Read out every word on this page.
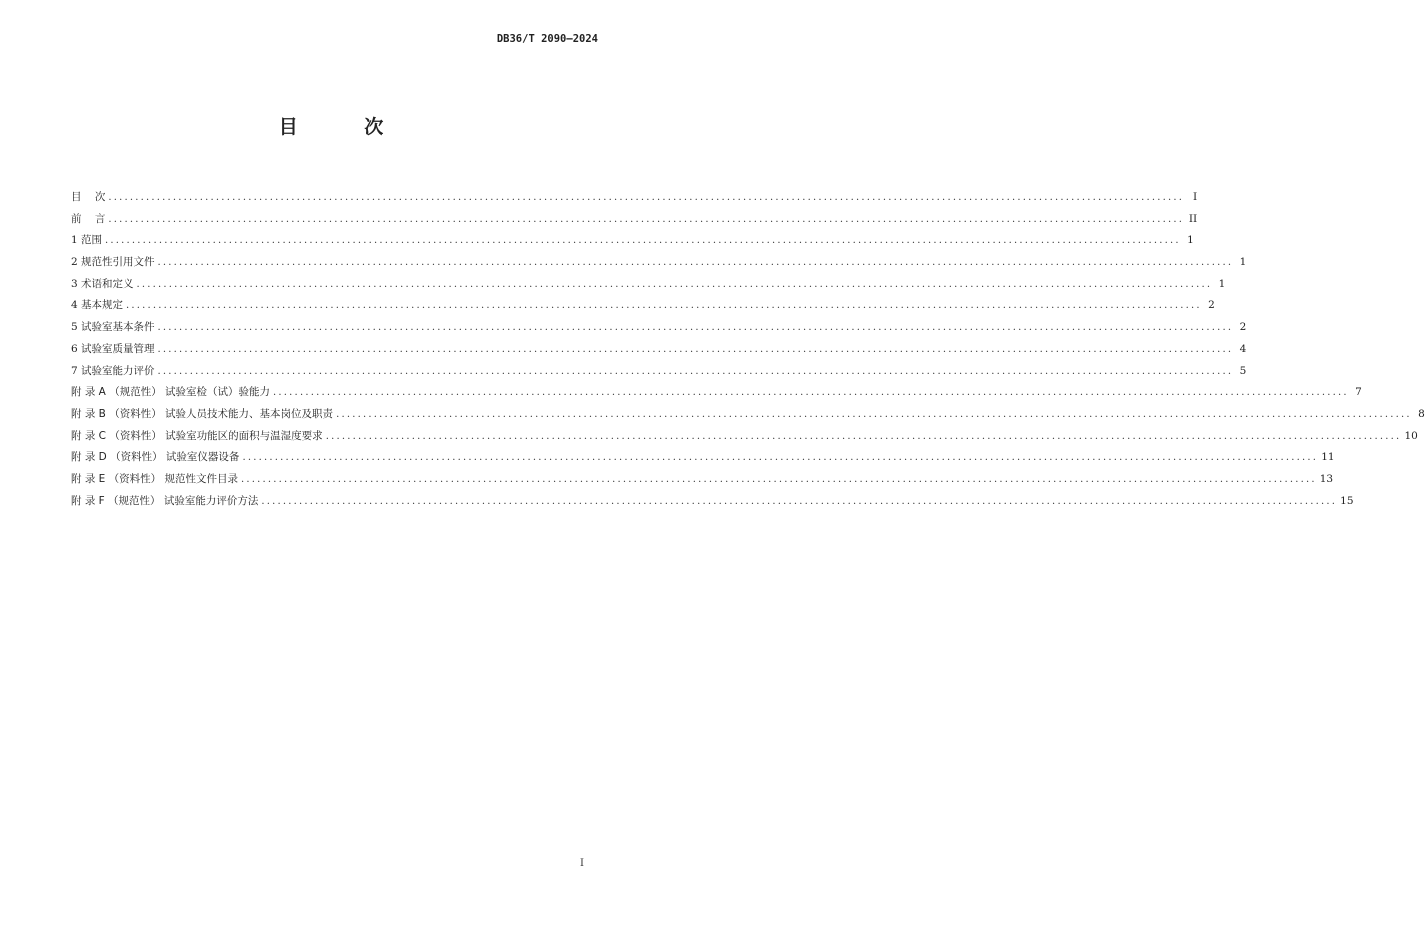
DB36/T 2090—2024
目 次
目    次 ........................................................................................................................................................................................................ I
前    言 ........................................................................................................................................................................................................ II
1 范围 ........................................................................................................................................................................................................ 1
2 规范性引用文件 ........................................................................................................................................................................................................ 1
3 术语和定义 ........................................................................................................................................................................................................ 1
4 基本规定 ........................................................................................................................................................................................................ 2
5 试验室基本条件 ........................................................................................................................................................................................................ 2
6 试验室质量管理 ........................................................................................................................................................................................................ 4
7 试验室能力评价 ........................................................................................................................................................................................................ 5
附 录 A （规范性） 试验室检（试）验能力 ........................................................................................................................................................................................................ 7
附 录 B （资料性） 试验人员技术能力、基本岗位及职责 ........................................................................................................................................................................................................ 8
附 录 C （资料性） 试验室功能区的面积与温湿度要求 ........................................................................................................................................................................................................ 10
附 录 D （资料性） 试验室仪器设备 ........................................................................................................................................................................................................ 11
附 录 E （资料性） 规范性文件目录 ........................................................................................................................................................................................................ 13
附 录 F （规范性） 试验室能力评价方法 ........................................................................................................................................................................................................ 15
I
